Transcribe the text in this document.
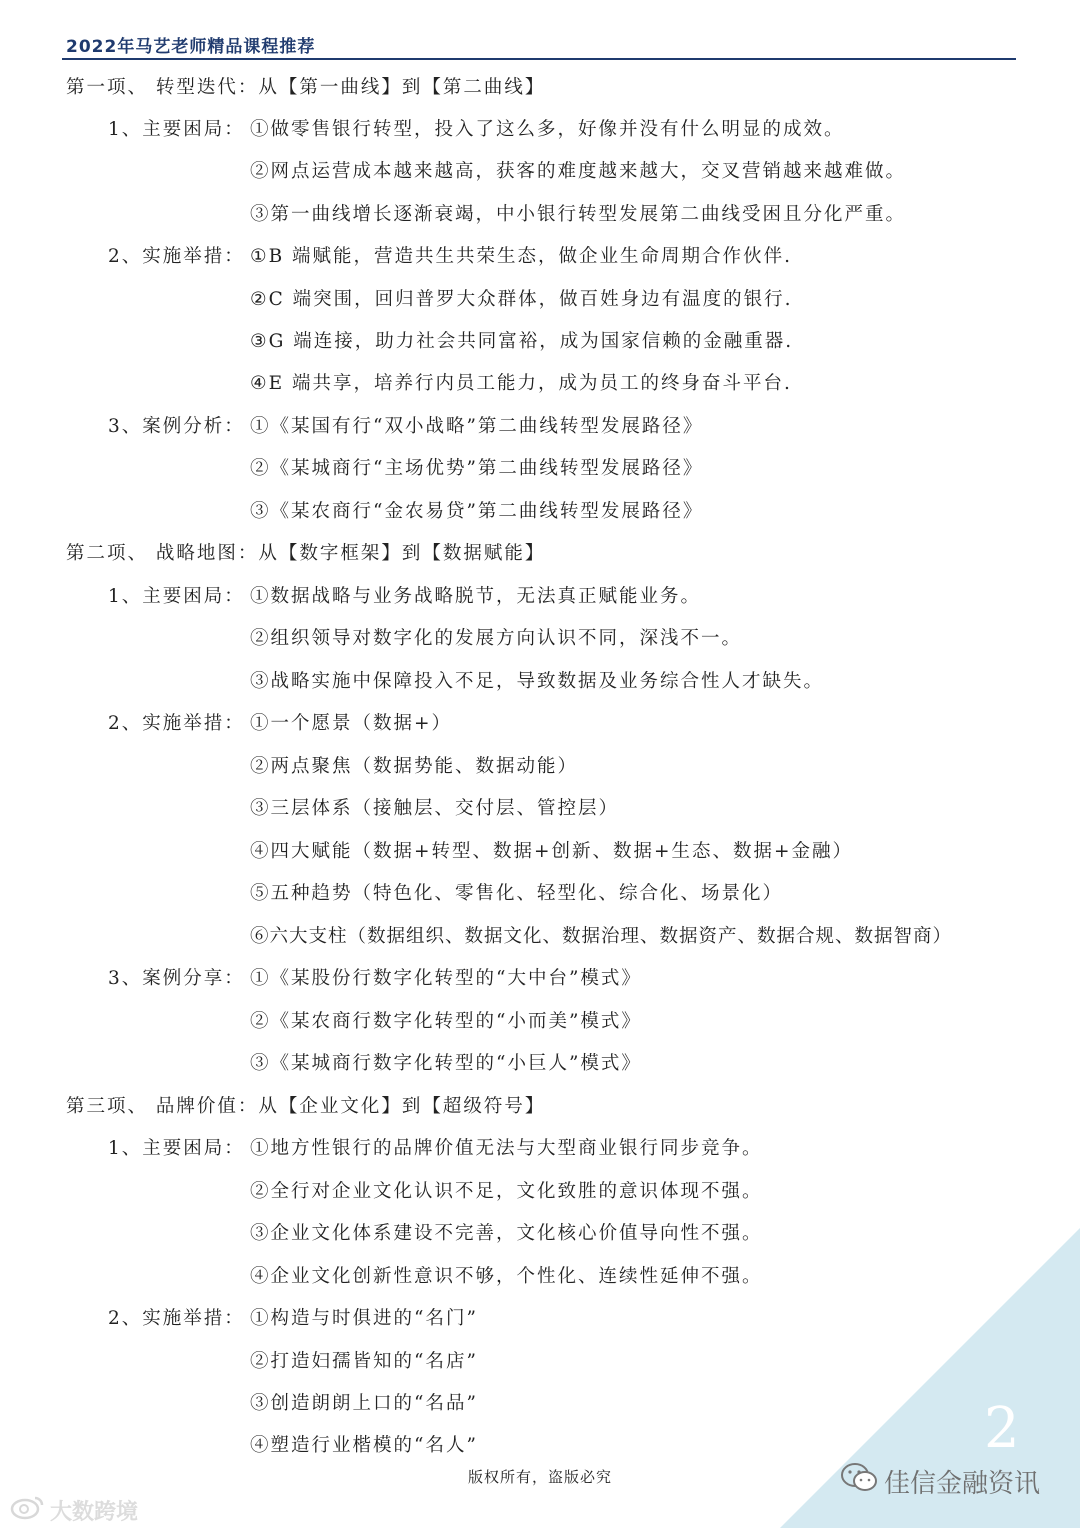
2022年马艺老师精品课程推荐
第一项、 转型迭代：从【第一曲线】到【第二曲线】
1、主要困局： ①做零售银行转型，投入了这么多，好像并没有什么明显的成效。
②网点运营成本越来越高，获客的难度越来越大，交叉营销越来越难做。
③第一曲线增长逐渐衰竭，中小银行转型发展第二曲线受困且分化严重。
2、实施举措： ①B 端赋能，营造共生共荣生态，做企业生命周期合作伙伴.
②C 端突围，回归普罗大众群体，做百姓身边有温度的银行.
③G 端连接，助力社会共同富裕，成为国家信赖的金融重器.
④E 端共享，培养行内员工能力，成为员工的终身奋斗平台.
3、案例分析： ①《某国有行“双小战略”第二曲线转型发展路径》
②《某城商行“主场优势”第二曲线转型发展路径》
③《某农商行“金农易贷”第二曲线转型发展路径》
第二项、 战略地图：从【数字框架】到【数据赋能】
1、主要困局： ①数据战略与业务战略脱节，无法真正赋能业务。
②组织领导对数字化的发展方向认识不同，深浅不一。
③战略实施中保障投入不足，导致数据及业务综合性人才缺失。
2、实施举措： ①一个愿景（数据+）
②两点聚焦（数据势能、数据动能）
③三层体系（接触层、交付层、管控层）
④四大赋能（数据+转型、数据+创新、数据+生态、数据+金融）
⑤五种趋势（特色化、零售化、轻型化、综合化、场景化）
⑥六大支柱（数据组织、数据文化、数据治理、数据资产、数据合规、数据智商）
3、案例分享： ①《某股份行数字化转型的“大中台”模式》
②《某农商行数字化转型的“小而美”模式》
③《某城商行数字化转型的“小巨人”模式》
第三项、 品牌价值：从【企业文化】到【超级符号】
1、主要困局： ①地方性银行的品牌价值无法与大型商业银行同步竞争。
②全行对企业文化认识不足，文化致胜的意识体现不强。
③企业文化体系建设不完善，文化核心价值导向性不强。
④企业文化创新性意识不够，个性化、连续性延伸不强。
2、实施举措： ①构造与时俱进的“名门”
②打造妇孺皆知的“名店”
③创造朗朗上口的“名品”
④塑造行业楷模的“名人”	2
版权所有，盗版必究	佳信金融资讯
大数跨境
